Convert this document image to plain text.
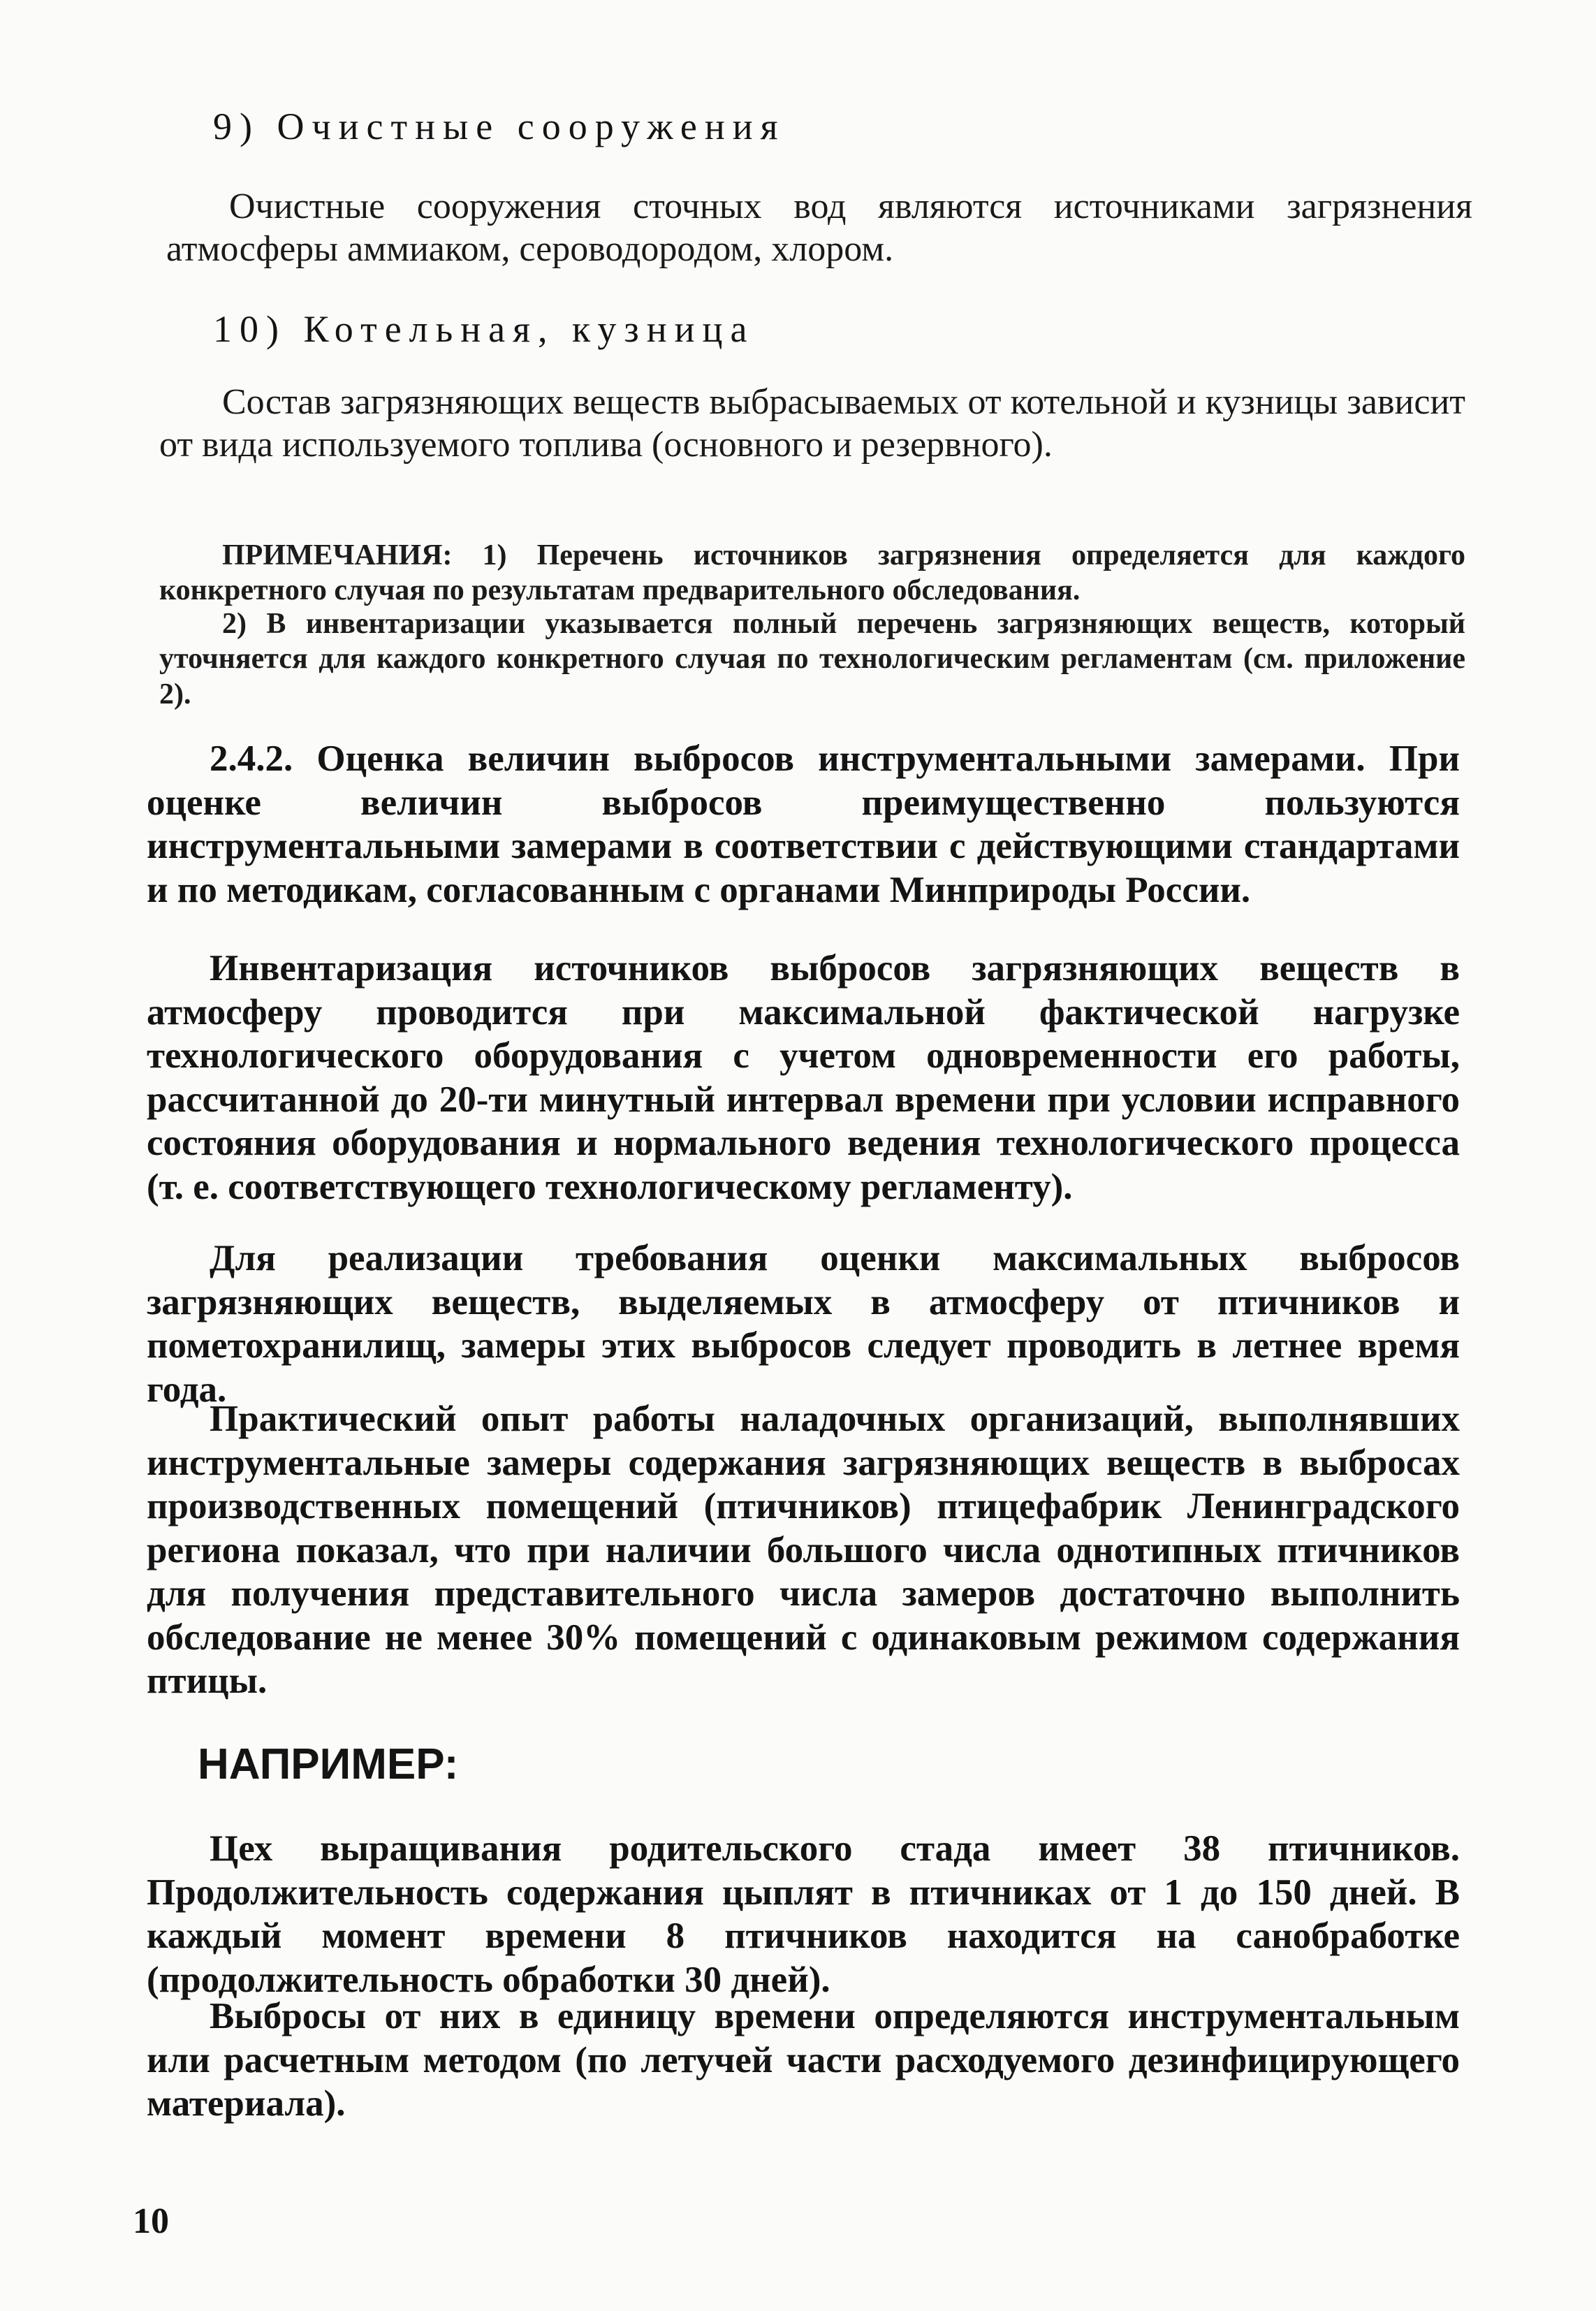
9) Очистные сооружения
Очистные сооружения сточных вод являются источниками загрязнения атмосферы аммиаком, сероводородом, хлором.
10) Котельная, кузница
Состав загрязняющих веществ выбрасываемых от котельной и кузницы зависит от вида используемого топлива (основного и резервного).
ПРИМЕЧАНИЯ: 1) Перечень источников загрязнения определяется для каждого конкретного случая по результатам предварительного обследования.
2) В инвентаризации указывается полный перечень загрязняющих веществ, который уточняется для каждого конкретного случая по технологическим регламентам (см. приложение 2).
2.4.2. Оценка величин выбросов инструментальными замерами. При оценке величин выбросов преимущественно пользуются инструментальными замерами в соответствии с действующими стандартами и по методикам, согласованным с органами Минприроды России.
Инвентаризация источников выбросов загрязняющих веществ в атмосферу проводится при максимальной фактической нагрузке технологического оборудования с учетом одновременности его работы, рассчитанной до 20-ти минутный интервал времени при условии исправного состояния оборудования и нормального ведения технологического процесса (т. е. соответствующего технологическому регламенту).
Для реализации требования оценки максимальных выбросов загрязняющих веществ, выделяемых в атмосферу от птичников и пометохранилищ, замеры этих выбросов следует проводить в летнее время года.
Практический опыт работы наладочных организаций, выполнявших инструментальные замеры содержания загрязняющих веществ в выбросах производственных помещений (птичников) птицефабрик Ленинградского региона показал, что при наличии большого числа однотипных птичников для получения представительного числа замеров достаточно выполнить обследование не менее 30% помещений с одинаковым режимом содержания птицы.
НАПРИМЕР:
Цех выращивания родительского стада имеет 38 птичников. Продолжительность содержания цыплят в птичниках от 1 до 150 дней. В каждый момент времени 8 птичников находится на санобработке (продолжительность обработки 30 дней).
Выбросы от них в единицу времени определяются инструментальным или расчетным методом (по летучей части расходуемого дезинфицирующего материала).
10
